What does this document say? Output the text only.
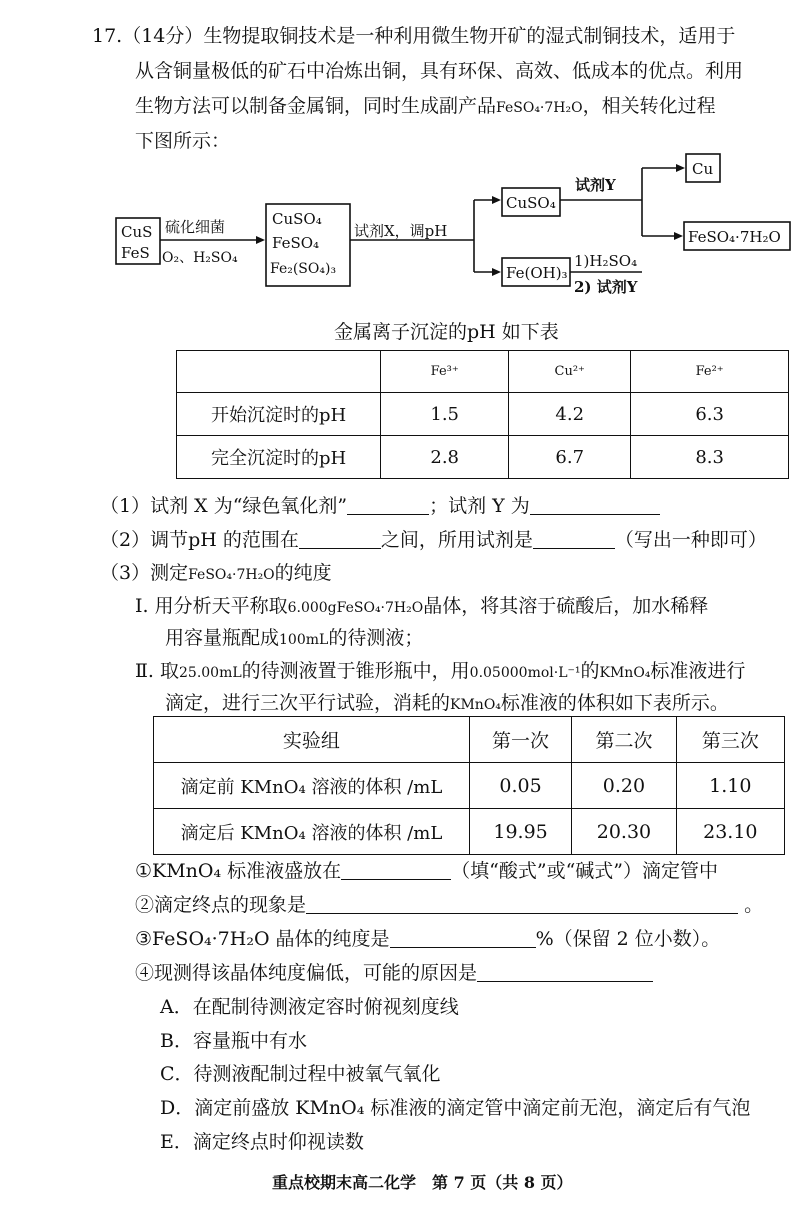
17.（14分）生物提取铜技术是一种利用微生物开矿的湿式制铜技术，适用于
从含铜量极低的矿石中冶炼出铜，具有环保、高效、低成本的优点。利用
生物方法可以制备金属铜，同时生成副产品FeSO₄·7H₂O，相关转化过程
下图所示：
CuS
FeS
硫化细菌
O₂、H₂SO₄
CuSO₄
FeSO₄
Fe₂(SO₄)₃
试剂X，调pH
CuSO₄
试剂Y
Cu
Fe(OH)₃
1)H₂SO₄
2) 试剂Y
FeSO₄·7H₂O
金属离子沉淀的pH 如下表
	Fe³⁺	Cu²⁺	Fe²⁺
开始沉淀时的pH	1.5	4.2	6.3
完全沉淀时的pH	2.8	6.7	8.3
（1）试剂 X 为“绿色氧化剂”	；试剂 Y 为
（2）调节pH 的范围在	之间，所用试剂是	（写出一种即可）
（3）测定FeSO₄·7H₂O的纯度
I. 用分析天平称取6.000gFeSO₄·7H₂O晶体，将其溶于硫酸后，加水稀释
用容量瓶配成100mL的待测液；
Ⅱ. 取25.00mL的待测液置于锥形瓶中，用0.05000mol·L⁻¹的KMnO₄标准液进行
滴定，进行三次平行试验，消耗的KMnO₄标准液的体积如下表所示。
实验组	第一次	第二次	第三次
滴定前 KMnO₄ 溶液的体积 /mL	0.05	0.20	1.10
滴定后 KMnO₄ 溶液的体积 /mL	19.95	20.30	23.10
①KMnO₄ 标准液盛放在	（填“酸式”或“碱式”）滴定管中
②滴定终点的现象是	。
③FeSO₄·7H₂O 晶体的纯度是	%（保留 2 位小数）。
④现测得该晶体纯度偏低，可能的原因是
A．在配制待测液定容时俯视刻度线
B．容量瓶中有水
C．待测液配制过程中被氧气氧化
D．滴定前盛放 KMnO₄ 标准液的滴定管中滴定前无泡，滴定后有气泡
E．滴定终点时仰视读数
重点校期末高二化学　第 7 页（共 8 页）
